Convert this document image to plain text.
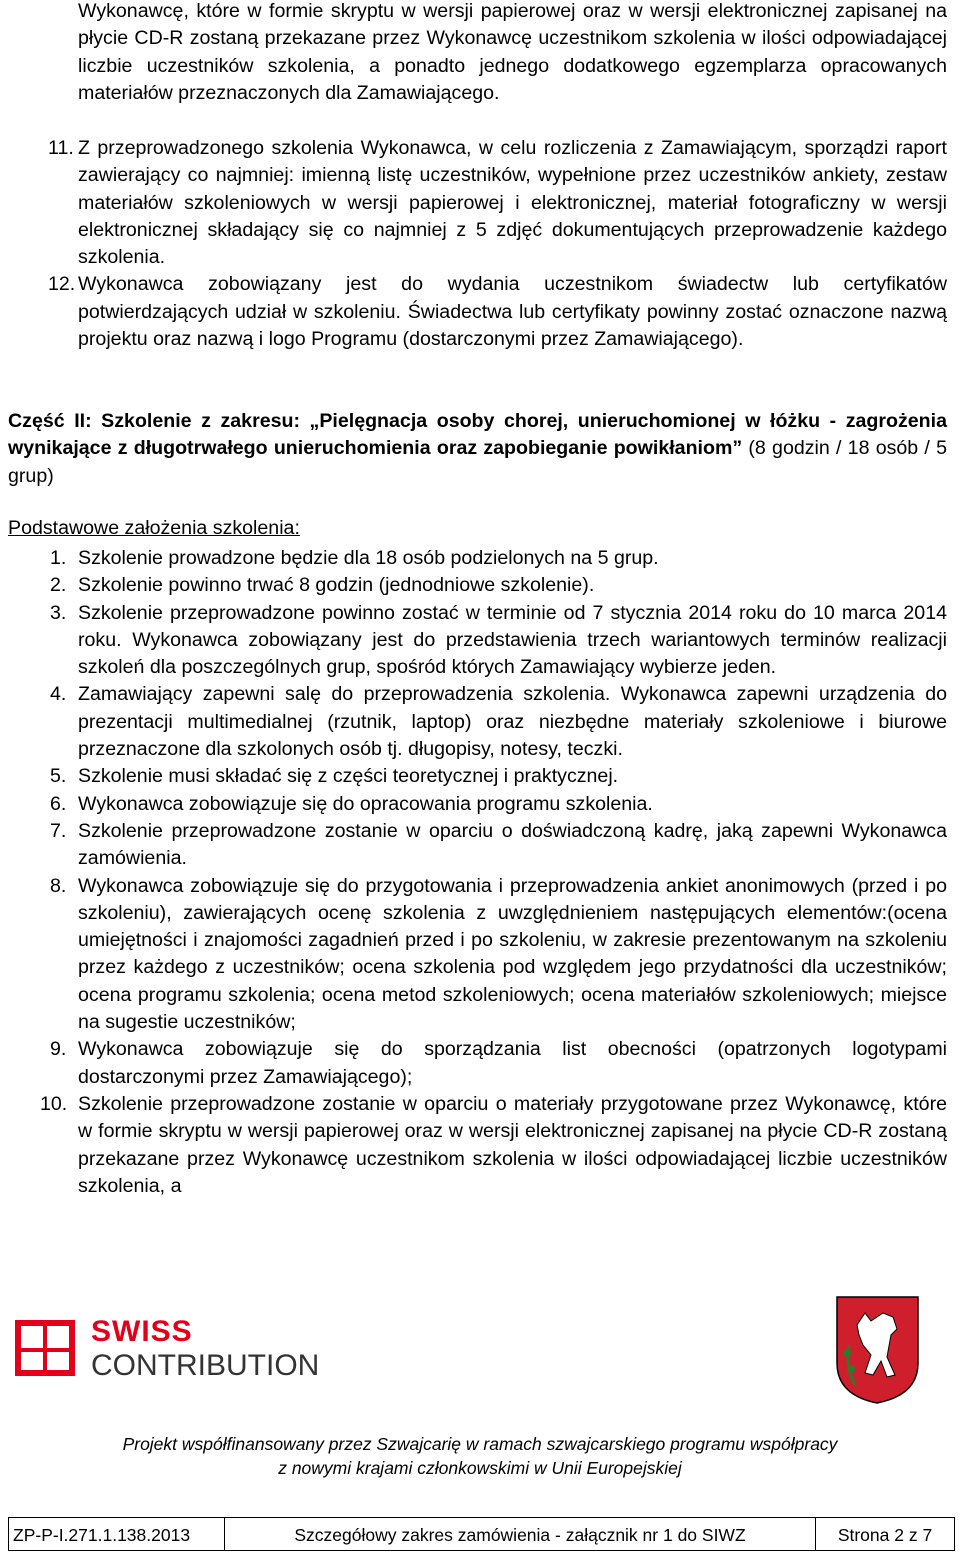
Wykonawcę, które w formie skryptu w wersji papierowej oraz w wersji elektronicznej zapisanej na płycie CD-R zostaną przekazane przez Wykonawcę uczestnikom szkolenia w ilości odpowiadającej liczbie uczestników szkolenia, a ponadto jednego dodatkowego egzemplarza opracowanych materiałów przeznaczonych dla Zamawiającego.
11. Z przeprowadzonego szkolenia Wykonawca, w celu rozliczenia z Zamawiającym, sporządzi raport zawierający co najmniej: imienną listę uczestników, wypełnione przez uczestników ankiety, zestaw materiałów szkoleniowych w wersji papierowej i elektronicznej, materiał fotograficzny w wersji elektronicznej składający się co najmniej z 5 zdjęć dokumentujących przeprowadzenie każdego szkolenia.
12. Wykonawca zobowiązany jest do wydania uczestnikom świadectw lub certyfikatów potwierdzających udział w szkoleniu. Świadectwa lub certyfikaty powinny zostać oznaczone nazwą projektu oraz nazwą i logo Programu (dostarczonymi przez Zamawiającego).
Część II: Szkolenie z zakresu: „Pielęgnacja osoby chorej, unieruchomionej w łóżku - zagrożenia wynikające z długotrwałego unieruchomienia oraz zapobieganie powikłaniom” (8 godzin / 18 osób / 5 grup)
Podstawowe założenia szkolenia:
1. Szkolenie prowadzone będzie dla 18 osób podzielonych na 5 grup.
2. Szkolenie powinno trwać 8 godzin (jednodniowe szkolenie).
3. Szkolenie przeprowadzone powinno zostać w terminie od 7 stycznia 2014 roku do 10 marca 2014 roku. Wykonawca zobowiązany jest do przedstawienia trzech wariantowych terminów realizacji szkoleń dla poszczególnych grup, spośród których Zamawiający wybierze jeden.
4. Zamawiający zapewni salę do przeprowadzenia szkolenia. Wykonawca zapewni urządzenia do prezentacji multimedialnej (rzutnik, laptop) oraz niezbędne materiały szkoleniowe i biurowe przeznaczone dla szkolonych osób tj. długopisy, notesy, teczki.
5. Szkolenie musi składać się z części teoretycznej i praktycznej.
6. Wykonawca zobowiązuje się do opracowania programu szkolenia.
7. Szkolenie przeprowadzone zostanie w oparciu o doświadczoną kadrę, jaką zapewni Wykonawca zamówienia.
8. Wykonawca zobowiązuje się do przygotowania i przeprowadzenia ankiet anonimowych (przed i po szkoleniu), zawierających ocenę szkolenia z uwzględnieniem następujących elementów:(ocena umiejętności i znajomości zagadnień przed i po szkoleniu, w zakresie prezentowanym na szkoleniu przez każdego z uczestników; ocena szkolenia pod względem jego przydatności dla uczestników; ocena programu szkolenia; ocena metod szkoleniowych; ocena materiałów szkoleniowych; miejsce na sugestie uczestników;
9. Wykonawca zobowiązuje się do sporządzania list obecności (opatrzonych logotypami dostarczonymi przez Zamawiającego);
10. Szkolenie przeprowadzone zostanie w oparciu o materiały przygotowane przez Wykonawcę, które w formie skryptu w wersji papierowej oraz w wersji elektronicznej zapisanej na płycie CD-R zostaną przekazane przez Wykonawcę uczestnikom szkolenia w ilości odpowiadającej liczbie uczestników szkolenia, a
SWISS
CONTRIBUTION
Projekt współfinansowany przez Szwajcarię w ramach szwajcarskiego programu współpracy
z nowymi krajami członkowskimi w Unii Europejskiej
ZP-P-I.271.1.138.2013	Szczegółowy zakres zamówienia - załącznik nr 1 do SIWZ	Strona 2 z 7
